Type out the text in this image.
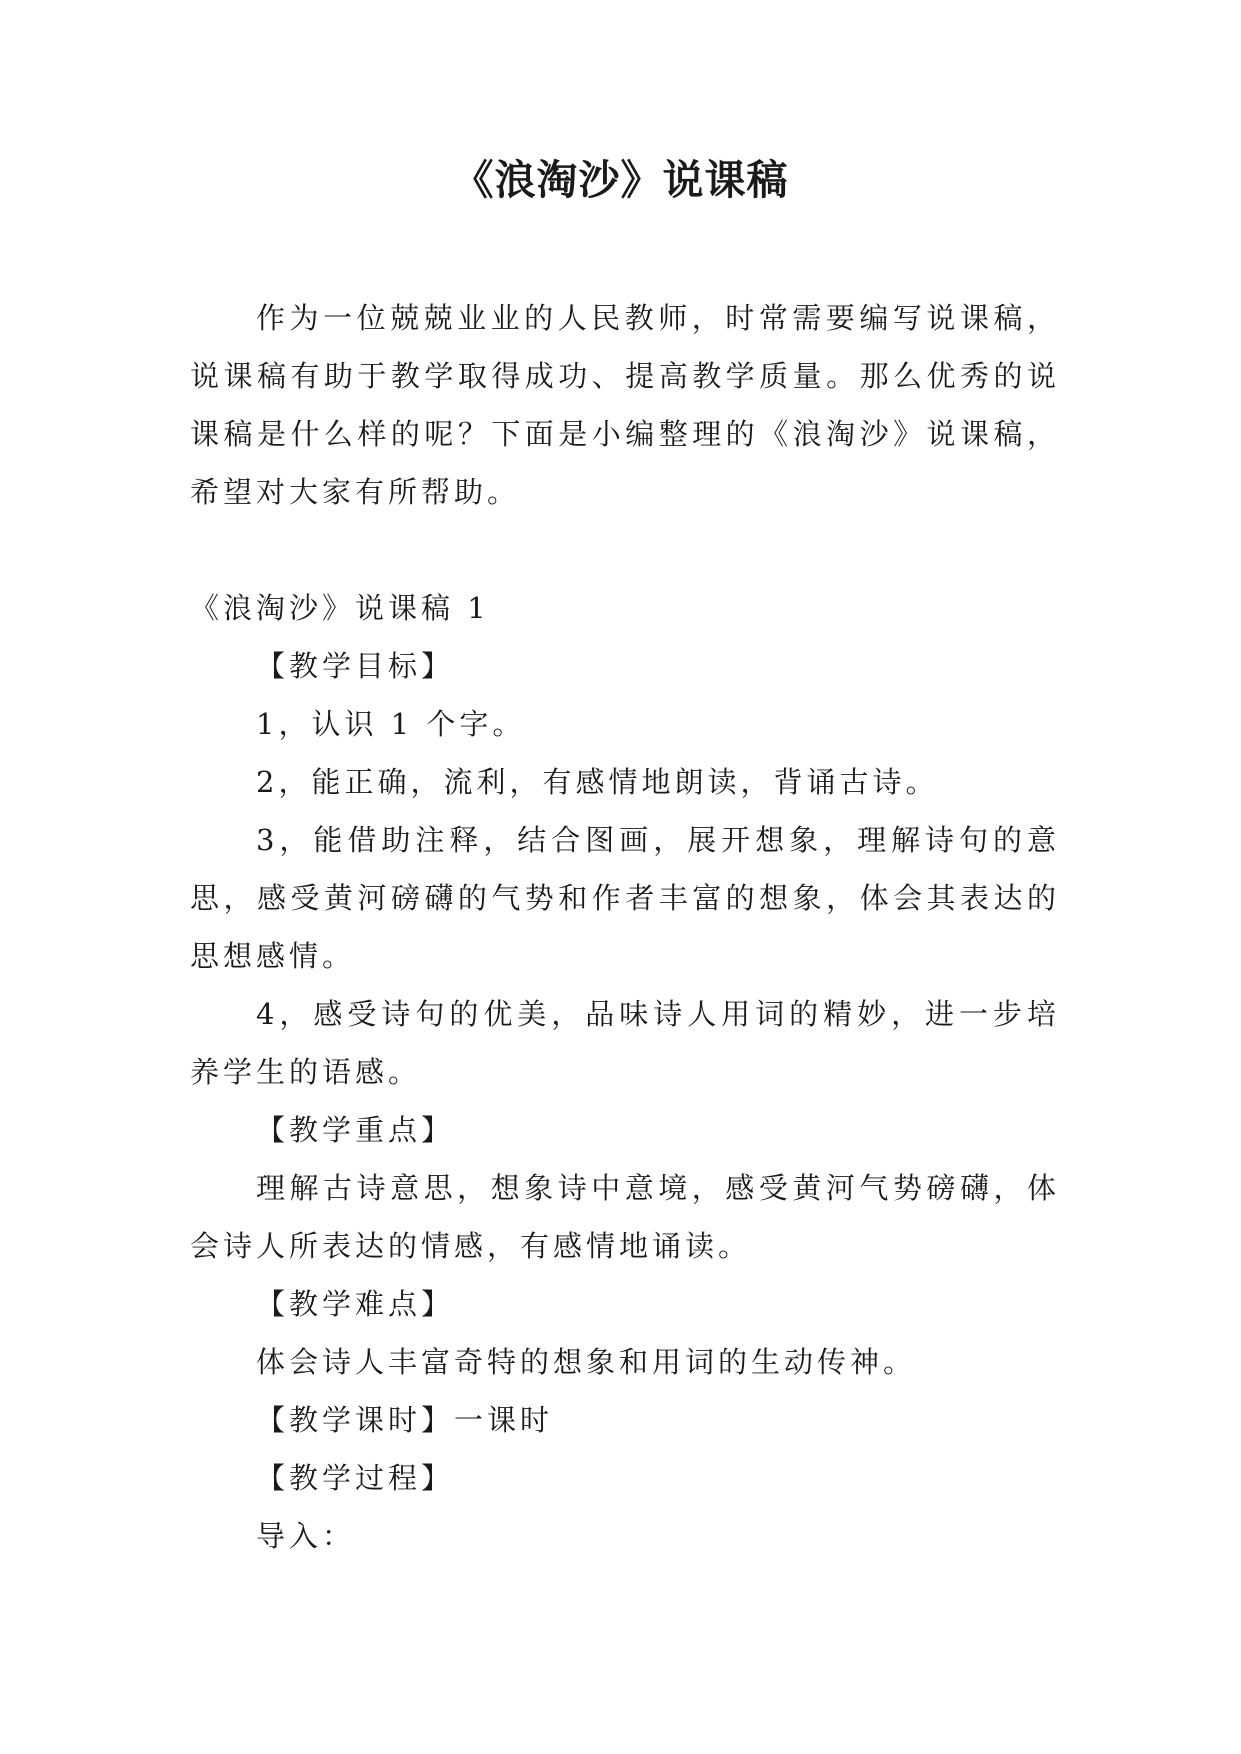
《浪淘沙》说课稿

作为一位兢兢业业的人民教师，时常需要编写说课稿，说课稿有助于教学取得成功、提高教学质量。那么优秀的说课稿是什么样的呢？下面是小编整理的《浪淘沙》说课稿，希望对大家有所帮助。

《浪淘沙》说课稿 1

【教学目标】

1，认识 1 个字。

2，能正确，流利，有感情地朗读，背诵古诗。

3，能借助注释，结合图画，展开想象，理解诗句的意思，感受黄河磅礴的气势和作者丰富的想象，体会其表达的思想感情。

4，感受诗句的优美，品味诗人用词的精妙，进一步培养学生的语感。

【教学重点】

理解古诗意思，想象诗中意境，感受黄河气势磅礴，体会诗人所表达的情感，有感情地诵读。

【教学难点】

体会诗人丰富奇特的想象和用词的生动传神。

【教学课时】一课时

【教学过程】

导入：
